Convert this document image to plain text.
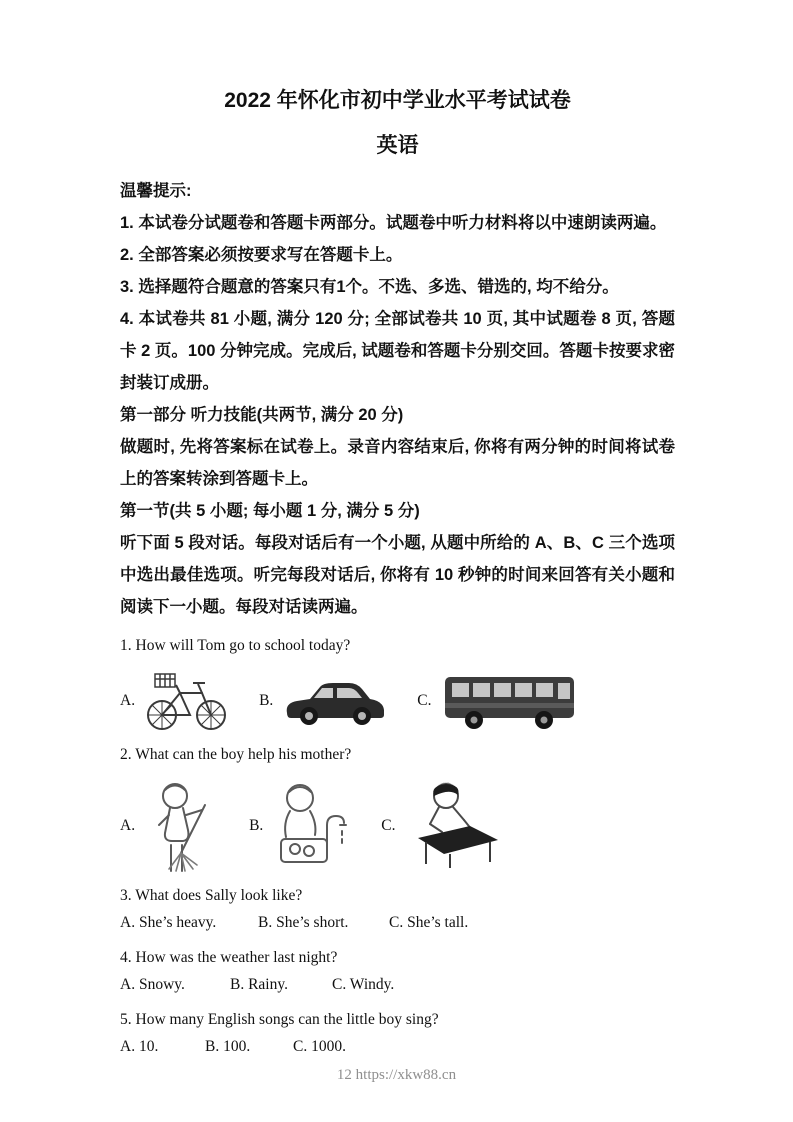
2022 年怀化市初中学业水平考试试卷
英语

温馨提示:

1. 本试卷分试题卷和答题卡两部分。试题卷中听力材料将以中速朗读两遍。

2. 全部答案必须按要求写在答题卡上。

3. 选择题符合题意的答案只有1个。不选、多选、错选的, 均不给分。

4. 本试卷共 81 小题, 满分 120 分; 全部试卷共 10 页, 其中试题卷 8 页, 答题卡 2 页。100 分钟完成。完成后, 试题卷和答题卡分别交回。答题卡按要求密封装订成册。

第一部分 听力技能(共两节, 满分 20 分)

做题时, 先将答案标在试卷上。录音内容结束后, 你将有两分钟的时间将试卷上的答案转涂到答题卡上。

第一节(共 5 小题; 每小题 1 分, 满分 5 分)

听下面 5 段对话。每段对话后有一个小题, 从题中所给的 A、B、C 三个选项中选出最佳选项。听完每段对话后, 你将有 10 秒钟的时间来回答有关小题和阅读下一小题。每段对话读两遍。

1. How will Tom go to school today?

A.	B.	C.

2. What can the boy help his mother?

A.	B.	C.

3. What does Sally look like?

A. She’s heavy.	B. She’s short.	C. She’s tall.

4. How was the weather last night?

A. Snowy.	B. Rainy.	C. Windy.

5. How many English songs can the little boy sing?

A. 10.	B. 100.	C. 1000.
12 https://xkw88.cn
